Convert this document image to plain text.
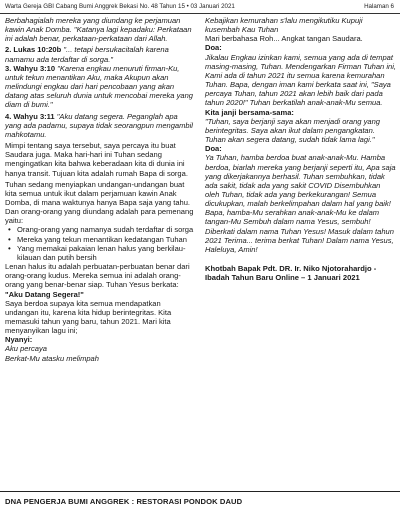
Warta Gereja GBI Cabang Bumi Anggrek Bekasi No. 48 Tahun 15 • 03 Januari 2021	Halaman 6

Berbahagialah mereka yang diundang ke perjamuan kawin Anak Domba. "Katanya lagi kepadaku: Perkataan ini adalah benar, perkataan-perkataan dari Allah.

2. Lukas 10:20b "... tetapi bersukacitalah karena namamu ada terdaftar di sorga."

3. Wahyu 3:10 "Karena engkau menuruti firman-Ku, untuk tekun menantikan Aku, maka Akupun akan melindungi engkau dari hari pencobaan yang akan datang atas seluruh dunia untuk mencobai mereka yang diam di bumi."

4. Wahyu 3:11 "Aku datang segera. Peganglah apa yang ada padamu, supaya tidak seorangpun mengambil mahkotamu.

Mimpi tentang saya tersebut, saya percaya itu buat Saudara juga. Maka hari-hari ini Tuhan sedang mengingatkan kita bahwa keberadaan kita di dunia ini hanya transit. Tujuan kita adalah rumah Bapa di sorga.

Tuhan sedang menyiapkan undangan-undangan buat kita semua untuk ikut dalam perjamuan kawin Anak Domba, di mana waktunya hanya Bapa saja yang tahu. Dan orang-orang yang diundang adalah para pemenang yaitu:

• Orang-orang yang namanya sudah terdaftar di sorga
• Mereka yang tekun menantikan kedatangan Tuhan
• Yang memakai pakaian lenan halus yang berkilau-kilauan dan putih bersih

Lenan halus itu adalah perbuatan-perbuatan benar dari orang-orang kudus. Mereka semua ini adalah orang-orang yang benar-benar siap. Tuhan Yesus berkata:

"Aku Datang Segera!"

Saya berdoa supaya kita semua mendapatkan undangan itu, karena kita hidup berintegritas. Kita memasuki tahun yang baru, tahun 2021. Mari kita menyanyikan lagu ini;

Nyanyi:

Aku percaya

Berkat-Mu atasku melimpah

Kebajikan kemurahan s'lalu mengikutiku Kupuji kusembah Kau Tuhan

Mari berbahasa Roh... Angkat tangan Saudara.

Doa:

Jikalau Engkau izinkan kami, semua yang ada di tempat masing-masing, Tuhan. Mendengarkan Firman Tuhan ini, Kami ada di tahun 2021 itu semua karena kemurahan Tuhan. Bapa, dengan iman kami berkata saat ini, "Saya percaya Tuhan, tahun 2021 akan lebih baik dari pada tahun 2020!" Tuhan berkatilah anak-anak-Mu semua.

Kita janji bersama-sama:

"Tuhan, saya berjanji saya akan menjadi orang yang berintegritas. Saya akan ikut dalam pengangkatan. Tuhan akan segera datang, sudah tidak lama lagi."

Doa:

Ya Tuhan, hamba berdoa buat anak-anak-Mu. Hamba berdoa, biarlah mereka yang berjanji seperti itu, Apa saja yang dikerjakannya berhasil. Tuhan sembuhkan, tidak ada sakit, tidak ada yang sakit COVID Disembuhkan oleh Tuhan, tidak ada yang berkekurangan! Semua dicukupkan, malah berkelimpahan dalam hal yang baik! Bapa, hamba-Mu serahkan anak-anak-Mu ke dalam tangan-Mu Sembuh dalam nama Yesus, sembuh! Diberkati dalam nama Tuhan Yesus! Masuk dalam tahun 2021 Terima... terima berkat Tuhan! Dalam nama Yesus, Haleluya, Amin!

Khotbah Bapak Pdt. DR. Ir. Niko Njotorahardjo - Ibadah Tahun Baru Online – 1 Januari 2021

DNA PENGERJA BUMI ANGGREK : RESTORASI PONDOK DAUD
